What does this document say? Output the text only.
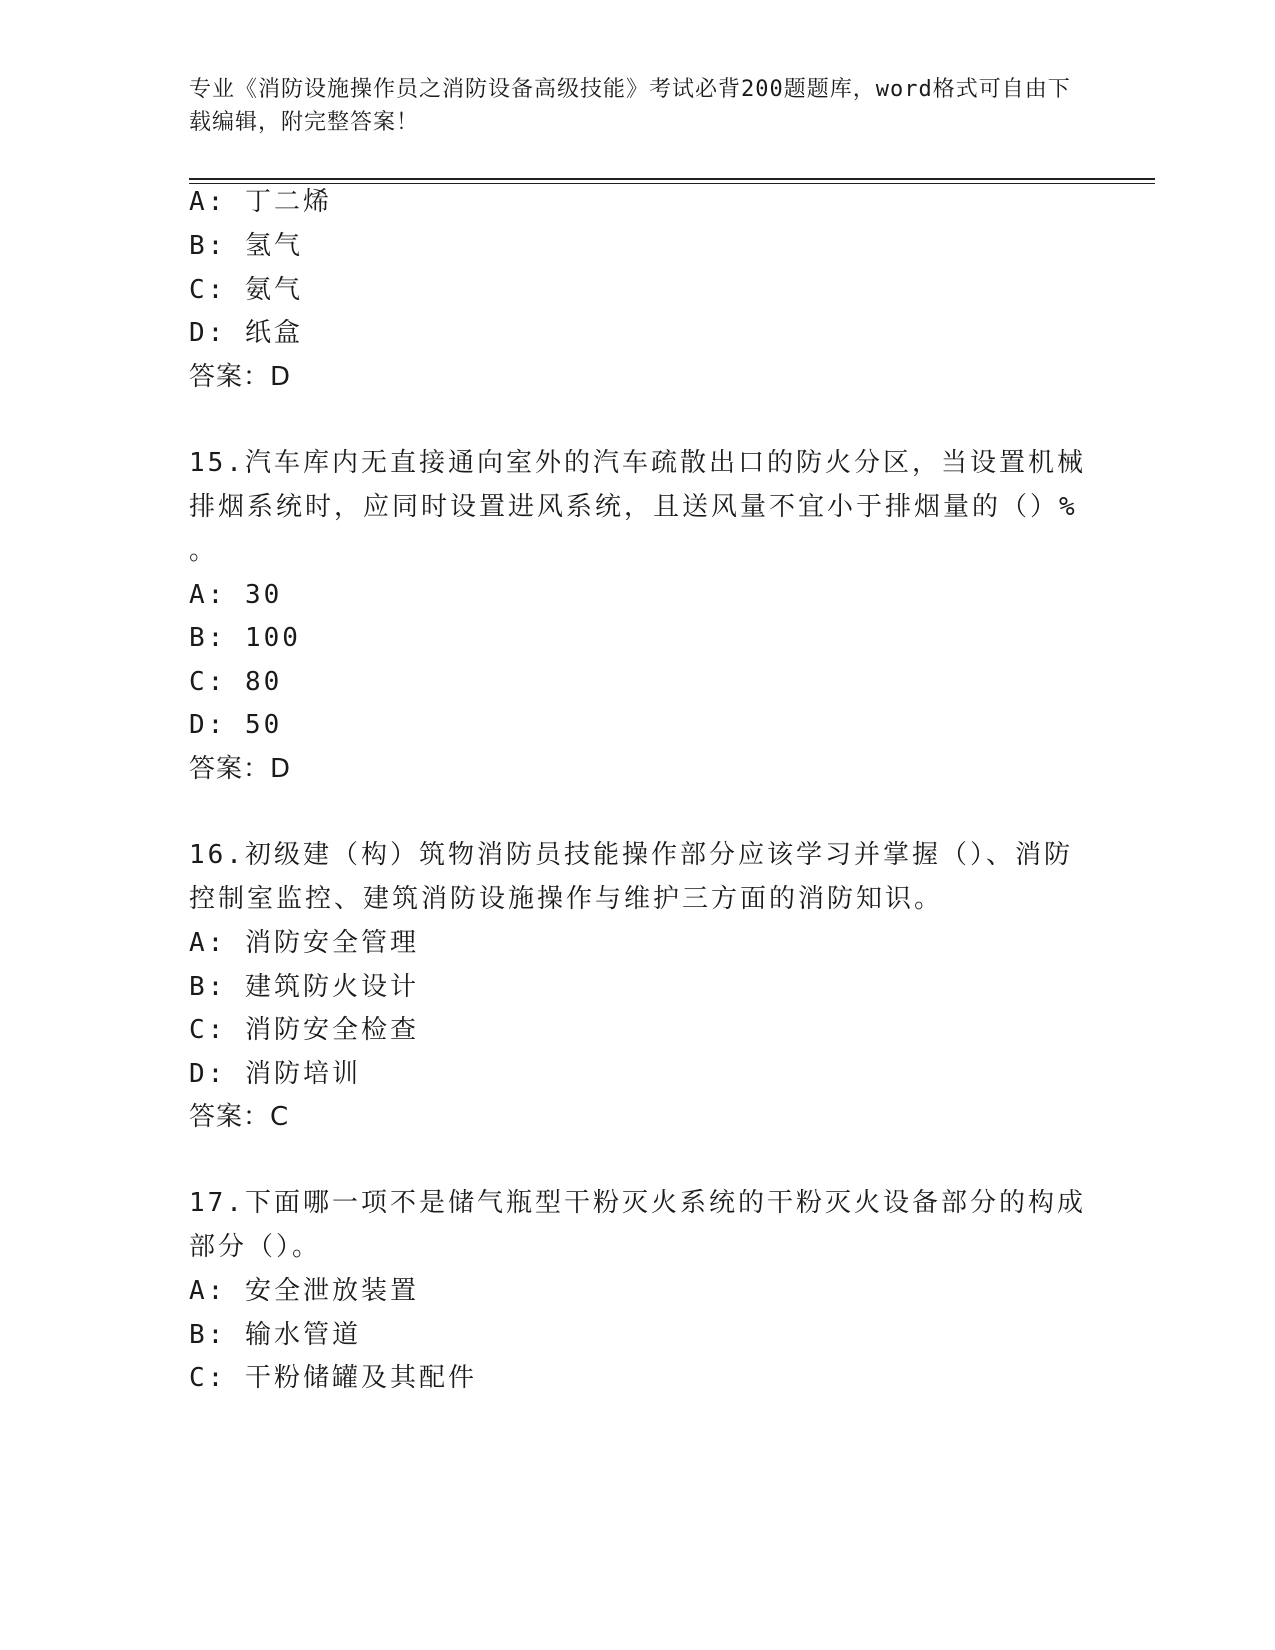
专业《消防设施操作员之消防设备高级技能》考试必背200题题库，word格式可自由下载编辑，附完整答案！
A: 丁二烯
B: 氢气
C: 氨气
D: 纸盒
答案：D
15.汽车库内无直接通向室外的汽车疏散出口的防火分区，当设置机械
排烟系统时，应同时设置进风系统，且送风量不宜小于排烟量的（）%
。
A: 30
B: 100
C: 80
D: 50
答案：D
16.初级建（构）筑物消防员技能操作部分应该学习并掌握（）、消防
控制室监控、建筑消防设施操作与维护三方面的消防知识。
A: 消防安全管理
B: 建筑防火设计
C: 消防安全检查
D: 消防培训
答案：C
17.下面哪一项不是储气瓶型干粉灭火系统的干粉灭火设备部分的构成
部分（）。
A: 安全泄放装置
B: 输水管道
C: 干粉储罐及其配件
